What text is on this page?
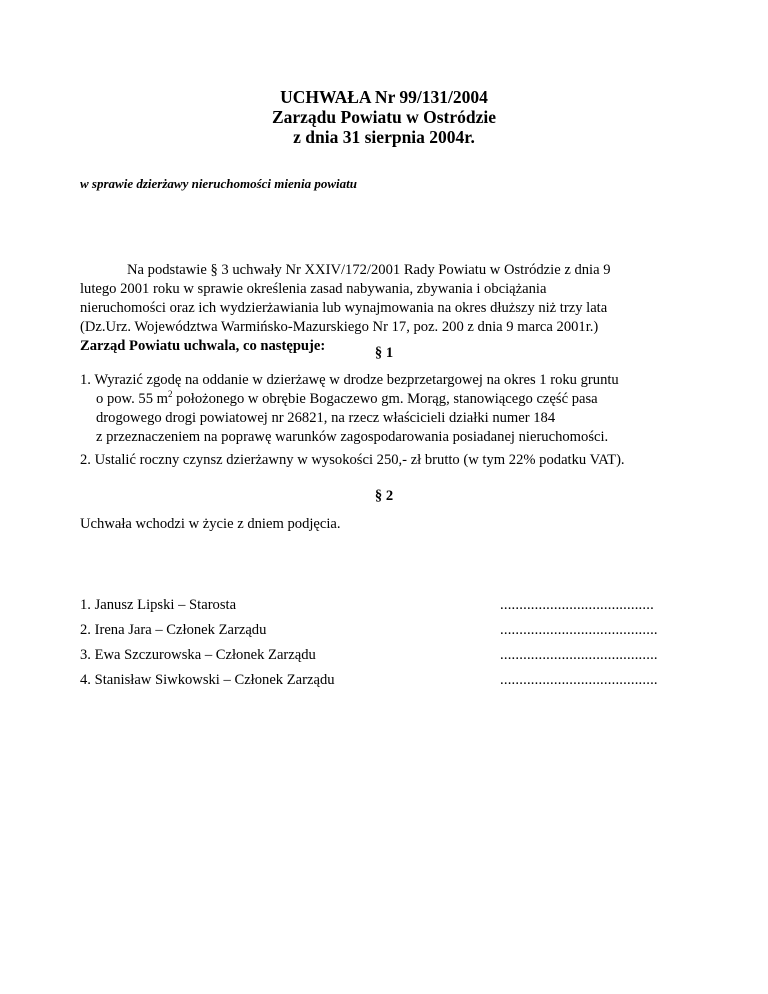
UCHWAŁA Nr 99/131/2004
Zarządu Powiatu w Ostródzie
z dnia 31 sierpnia 2004r.
w sprawie dzierżawy nieruchomości mienia powiatu
Na podstawie § 3 uchwały Nr XXIV/172/2001 Rady Powiatu w Ostródzie z dnia 9
lutego 2001 roku w sprawie określenia zasad nabywania, zbywania i obciążania
nieruchomości oraz ich wydzierżawiania lub wynajmowania na okres dłuższy niż trzy lata
(Dz.Urz. Województwa Warmińsko-Mazurskiego Nr 17, poz. 200 z dnia 9 marca 2001r.)
Zarząd Powiatu uchwala, co następuje:	§ 1
1. Wyrazić zgodę na oddanie w dzierżawę w drodze bezprzetargowej na okres 1 roku gruntu
o pow. 55 $m^2$ położonego w obrębie Bogaczewo gm. Morąg, stanowiącego część pasa
drogowego drogi powiatowej nr 26821, na rzecz właścicieli działki numer 184
z przeznaczeniem na poprawę warunków zagospodarowania posiadanej nieruchomości.
2. Ustalić roczny czynsz dzierżawny w wysokości 250,- zł brutto (w tym 22% podatku VAT).
§ 2
Uchwała wchodzi w życie z dniem podjęcia.
1. Janusz Lipski – Starosta	........................................
2. Irena Jara – Członek Zarządu	.........................................
3. Ewa Szczurowska – Członek Zarządu	.........................................
4. Stanisław Siwkowski – Członek Zarządu	.........................................
